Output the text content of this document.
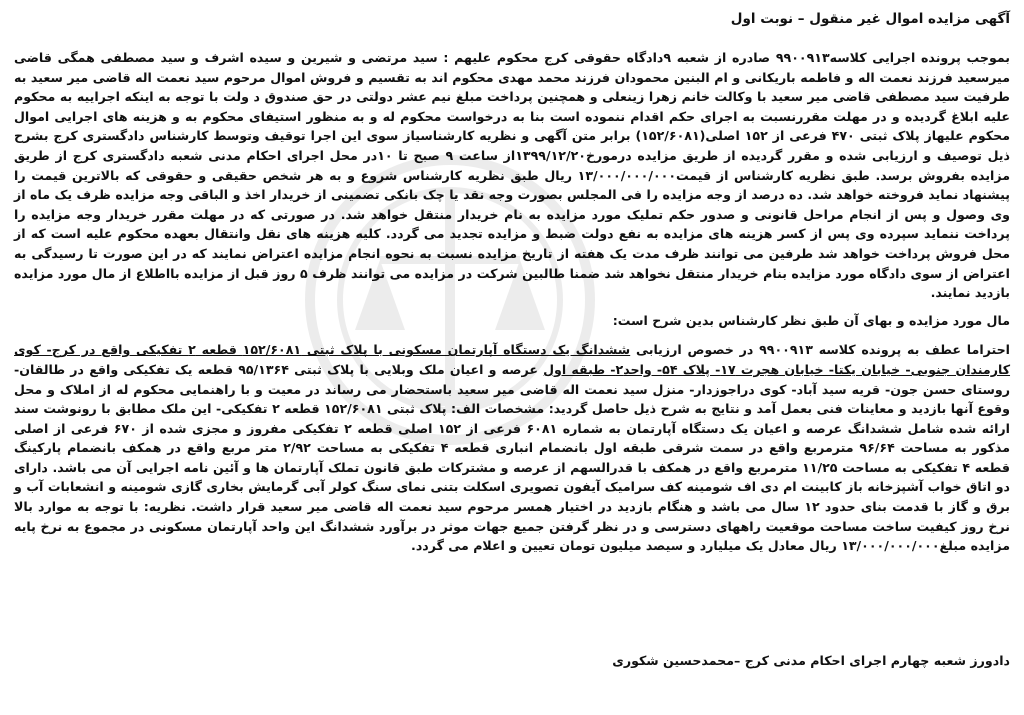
آگهی مزایده اموال غیر منقول – نوبت اول

بموجب پرونده اجرایی کلاسه۹۹۰۰۹۱۳ صادره از شعبه ۹دادگاه حقوقی کرج محکوم علیهم : سید مرتضی و شیرین و سیده اشرف و سید مصطفی همگی قاضی میرسعید فرزند نعمت اله و فاطمه باریکانی و ام البنین محمودان فرزند محمد مهدی محکوم اند به تقسیم و فروش اموال مرحوم سید نعمت اله قاضی میر سعید به طرفیت سید مصطفی قاضی میر سعید با وکالت خانم زهرا زینعلی و همچنین پرداخت مبلغ نیم عشر دولتی در حق صندوق د ولت با توجه به اینکه اجراییه به محکوم علیه ابلاغ گردیده و در مهلت مقررنسبت به اجرای حکم اقدام ننموده است بنا به درخواست محکوم له و به منظور استیفای محکوم به و هزینه های اجرایی اموال محکوم علیهاز پلاک ثبتی ۴۷۰ فرعی از ۱۵۲ اصلی(۱۵۲/۶۰۸۱) برابر متن آگهی و نظریه کارشناسیاز سوی این اجرا توقیف وتوسط کارشناس دادگستری کرج بشرح ذیل توصیف و ارزیابی شده و مقرر گردیده از طریق مزایده درمورخ۱۳۹۹/۱۲/۲۰از ساعت ۹ صبح تا ۱۰در محل اجرای احکام مدنی شعبه دادگستری کرج از طریق مزایده بفروش برسد. طبق نظریه کارشناس از قیمت۱۳/۰۰۰/۰۰۰/۰۰۰ ریال طبق نظریه کارشناس شروع و به هر شخص حقیقی و حقوقی که بالاترین قیمت را پیشنهاد نماید فروخته خواهد شد. ده درصد از وجه مزایده را فی المجلس بصورت وجه نقد یا چک بانکی تضمینی از خریدار اخذ و الباقی وجه مزایده ظرف یک ماه از وی وصول و پس از انجام مراحل قانونی و صدور حکم تملیک مورد مزایده به نام خریدار منتقل خواهد شد. در صورتی که در مهلت مقرر خریدار وجه مزایده را پرداخت ننماید سپرده وی پس از کسر هزینه های مزایده به نفع دولت ضبط و مزایده تجدید می گردد. کلیه هزینه های نقل وانتقال بعهده محکوم علیه است که از محل فروش پرداخت خواهد شد طرفین می توانند ظرف مدت یک هفته از تاریخ مزایده نسبت به نحوه انجام مزایده اعتراض نمایند که در این صورت تا رسیدگی به اعتراض از سوی دادگاه مورد مزایده بنام خریدار منتقل نخواهد شد ضمنا طالبین شرکت در مزایده می توانند ظرف ۵ روز قبل از مزایده بااطلاع از مال مورد مزایده بازدید نمایند.

مال مورد مزایده و بهای آن طبق نظر کارشناس بدین شرح است:

احتراما عطف به پرونده کلاسه ۹۹۰۰۹۱۳ در خصوص ارزیابی ششدانگ یک دستگاه آپارتمان مسکونی با پلاک ثبتی ۱۵۲/۶۰۸۱ قطعه ۲ تفکیکی واقع در کرج- کوی کارمندان جنوبی- خیابان یکتا- خیابان هجرت ۱۷- پلاک ۵۴- واحد۲- طبقه اول عرصه و اعیان ملک وبلایی با پلاک ثبتی ۹۵/۱۳۶۴ قطعه یک تفکیکی واقع در طالقان- روستای حسن جون- قریه سید آباد- کوی دراجوزدار- منزل سید نعمت اله قاضی میر سعید باستحضار می رساند در معیت و با راهنمایی محکوم له از املاک و محل وقوع آنها بازدید و معاینات فنی بعمل آمد و نتایج به شرح ذیل حاصل گردید: مشخصات الف: پلاک ثبتی ۱۵۲/۶۰۸۱ قطعه ۲ تفکیکی- این ملک مطابق با رونوشت سند ارائه شده شامل ششدانگ عرصه و اعیان یک دستگاه آپارتمان به شماره ۶۰۸۱ فرعی از ۱۵۲ اصلی قطعه ۲ تفکیکی مفروز و مجزی شده از ۶۷۰ فرعی از اصلی مذکور به مساحت ۹۶/۶۴ مترمربع واقع در سمت شرقی طبقه اول بانضمام انباری قطعه ۴ تفکیکی به مساحت ۲/۹۲ متر مربع واقع در همکف بانضمام پارکینگ قطعه ۴ تفکیکی به مساحت ۱۱/۲۵ مترمربع واقع در همکف با قدرالسهم از عرصه و مشترکات طبق قانون تملک آپارتمان ها و آئین نامه اجرایی آن می باشد. دارای دو اتاق خواب آشپزخانه باز کابینت ام دی اف شومینه کف سرامیک آیفون تصویری اسکلت بتنی نمای سنگ کولر آبی گرمایش بخاری گازی شومینه و انشعابات آب و برق و گاز با قدمت بنای حدود ۱۲ سال می باشد و هنگام بازدید در اختیار همسر مرحوم سید نعمت اله قاضی میر سعید قرار داشت. نظریه: با توجه به موارد بالا نرخ روز کیفیت ساخت مساحت موقعیت راههای دسترسی و در نظر گرفتن جمیع جهات موثر در برآورد ششدانگ این واحد آپارتمان مسکونی در مجموع به نرخ پایه مزایده مبلغ۱۳/۰۰۰/۰۰۰/۰۰۰ ریال معادل یک میلیارد و سیصد میلیون تومان تعیین و اعلام می گردد.

دادورز شعبه چهارم اجرای احکام مدنی کرج –محمدحسین شکوری
